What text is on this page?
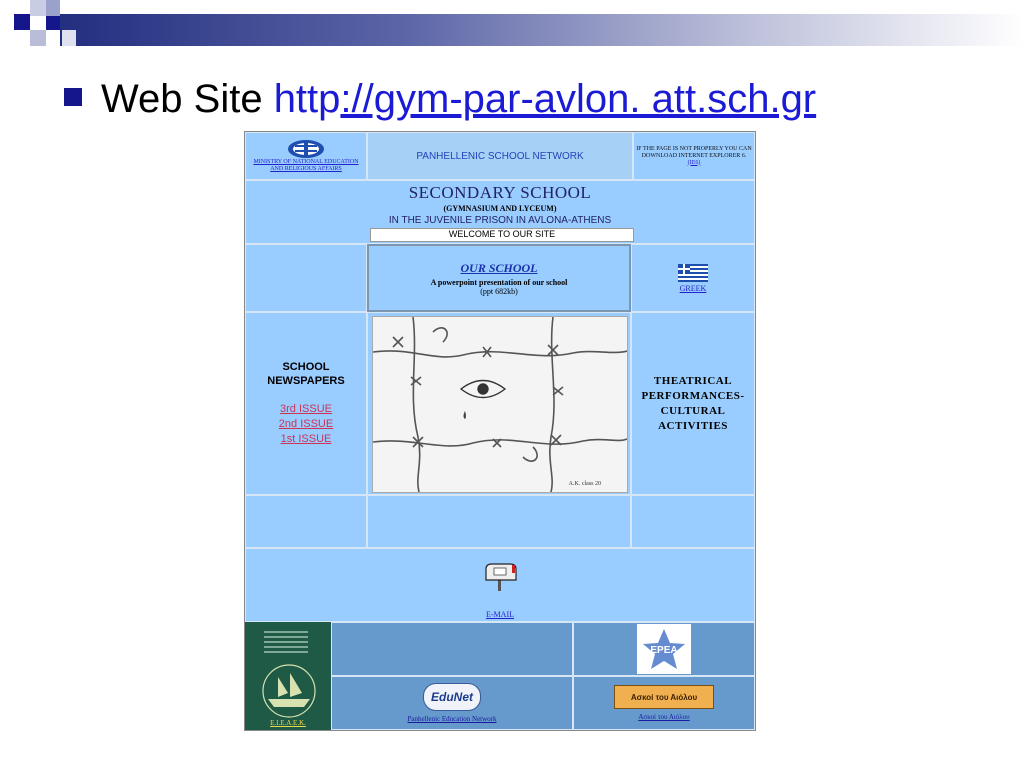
Web Site http://gym-par-avlon. att.sch.gr
MINISTRY OF NATIONAL EDUCATION AND RELIGIOUS AFFAIRS
PANHELLENIC SCHOOL NETWORK
IF THE PAGE IS NOT PROPERLY YOU CAN DOWNLOAD INTERNET EXPLORER 6. (IE6)
SECONDARY SCHOOL
(GYMNASIUM AND LYCEUM)
IN THE JUVENILE PRISON IN AVLONA-ATHENS
WELCOME TO OUR SITE
OUR SCHOOL
A powerpoint presentation of our school
(ppt 682kb)	GREEK
SCHOOL
NEWSPAPERS
3rd ISSUE
2nd ISSUE
1st ISSUE
A.K. class 20
THEATRICAL
PERFORMANCES-
CULTURAL
ACTIVITIES
E-MAIL
E.I.E.A.E.K.
EPEA
EduNet
Panhellenic Education Network
Ασκοί του Αιόλου
Ασκοί του Αιόλου
